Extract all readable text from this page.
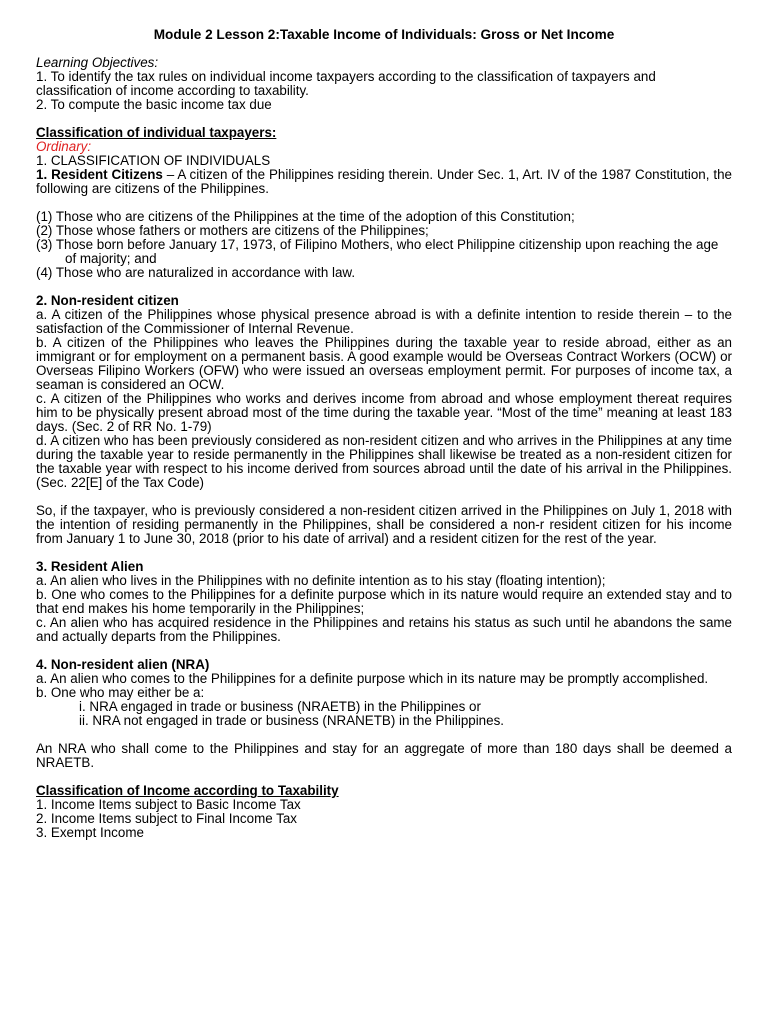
Module 2 Lesson 2:Taxable Income of Individuals: Gross or Net Income

Learning Objectives:

1. To identify the tax rules on individual income taxpayers according to the classification of taxpayers and classification of income according to taxability.

2. To compute the basic income tax due

Classification of individual taxpayers:

Ordinary:

1. CLASSIFICATION OF INDIVIDUALS

1. Resident Citizens – A citizen of the Philippines residing therein. Under Sec. 1, Art. IV of the 1987 Constitution, the following are citizens of the Philippines.

(1) Those who are citizens of the Philippines at the time of the adoption of this Constitution;

(2) Those whose fathers or mothers are citizens of the Philippines;

(3) Those born before January 17, 1973, of Filipino Mothers, who elect Philippine citizenship upon reaching the age of majority; and

(4) Those who are naturalized in accordance with law.

2. Non-resident citizen

a. A citizen of the Philippines whose physical presence abroad is with a definite intention to reside therein – to the satisfaction of the Commissioner of Internal Revenue.

b. A citizen of the Philippines who leaves the Philippines during the taxable year to reside abroad, either as an immigrant or for employment on a permanent basis. A good example would be Overseas Contract Workers (OCW) or Overseas Filipino Workers (OFW) who were issued an overseas employment permit. For purposes of income tax, a seaman is considered an OCW.

c. A citizen of the Philippines who works and derives income from abroad and whose employment thereat requires him to be physically present abroad most of the time during the taxable year. “Most of the time” meaning at least 183 days. (Sec. 2 of RR No. 1-79)

d. A citizen who has been previously considered as non-resident citizen and who arrives in the Philippines at any time during the taxable year to reside permanently in the Philippines shall likewise be treated as a non-resident citizen for the taxable year with respect to his income derived from sources abroad until the date of his arrival in the Philippines. (Sec. 22[E] of the Tax Code)

So, if the taxpayer, who is previously considered a non-resident citizen arrived in the Philippines on July 1, 2018 with the intention of residing permanently in the Philippines, shall be considered a non-r resident citizen for his income from January 1 to June 30, 2018 (prior to his date of arrival) and a resident citizen for the rest of the year.

3. Resident Alien

a. An alien who lives in the Philippines with no definite intention as to his stay (floating intention);

b. One who comes to the Philippines for a definite purpose which in its nature would require an extended stay and to that end makes his home temporarily in the Philippines;

c. An alien who has acquired residence in the Philippines and retains his status as such until he abandons the same and actually departs from the Philippines.

4. Non-resident alien (NRA)

a. An alien who comes to the Philippines for a definite purpose which in its nature may be promptly accomplished.

b. One who may either be a:

i. NRA engaged in trade or business (NRAETB) in the Philippines or

ii. NRA not engaged in trade or business (NRANETB) in the Philippines.

An NRA who shall come to the Philippines and stay for an aggregate of more than 180 days shall be deemed a NRAETB.

Classification of Income according to Taxability

1. Income Items subject to Basic Income Tax

2. Income Items subject to Final Income Tax

3. Exempt Income
